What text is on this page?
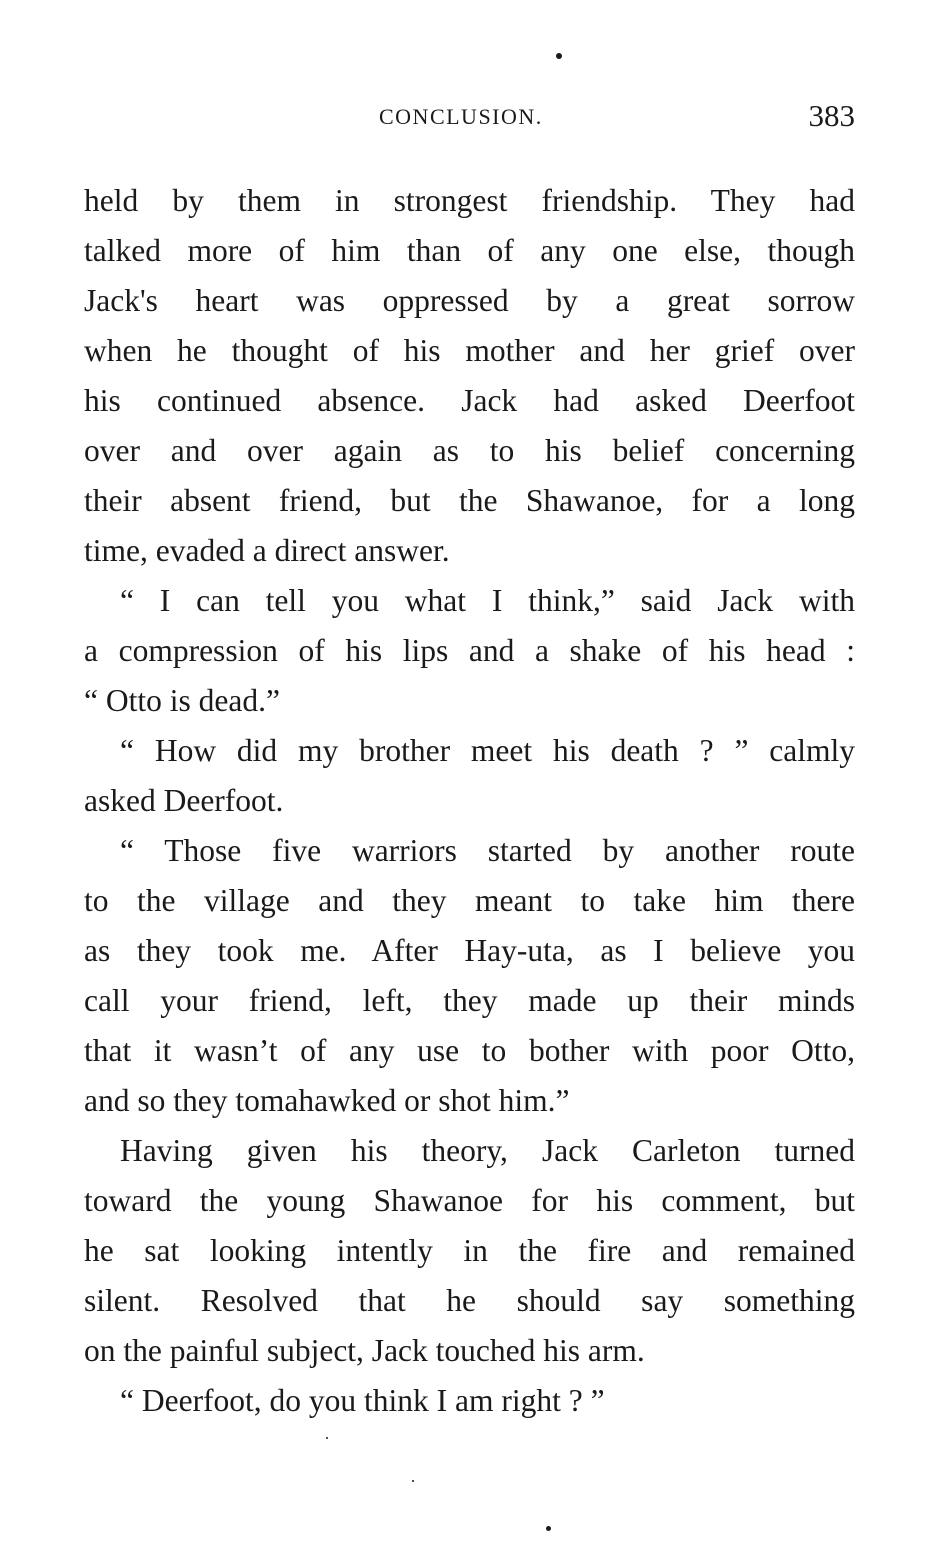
CONCLUSION.	383
held by them in strongest friendship. They had
talked more of him than of any one else, though
Jack's heart was oppressed by a great sorrow
when he thought of his mother and her grief over
his continued absence. Jack had asked Deerfoot
over and over again as to his belief concerning
their absent friend, but the Shawanoe, for a long
time, evaded a direct answer.
“ I can tell you what I think,” said Jack with
a compression of his lips and a shake of his head :
“ Otto is dead.”
“ How did my brother meet his death ? ” calmly
asked Deerfoot.
“ Those five warriors started by another route
to the village and they meant to take him there
as they took me. After Hay-uta, as I believe you
call your friend, left, they made up their minds
that it wasn’t of any use to bother with poor Otto,
and so they tomahawked or shot him.”
Having given his theory, Jack Carleton turned
toward the young Shawanoe for his comment, but
he sat looking intently in the fire and remained
silent. Resolved that he should say something
on the painful subject, Jack touched his arm.
“ Deerfoot, do you think I am right ? ”
